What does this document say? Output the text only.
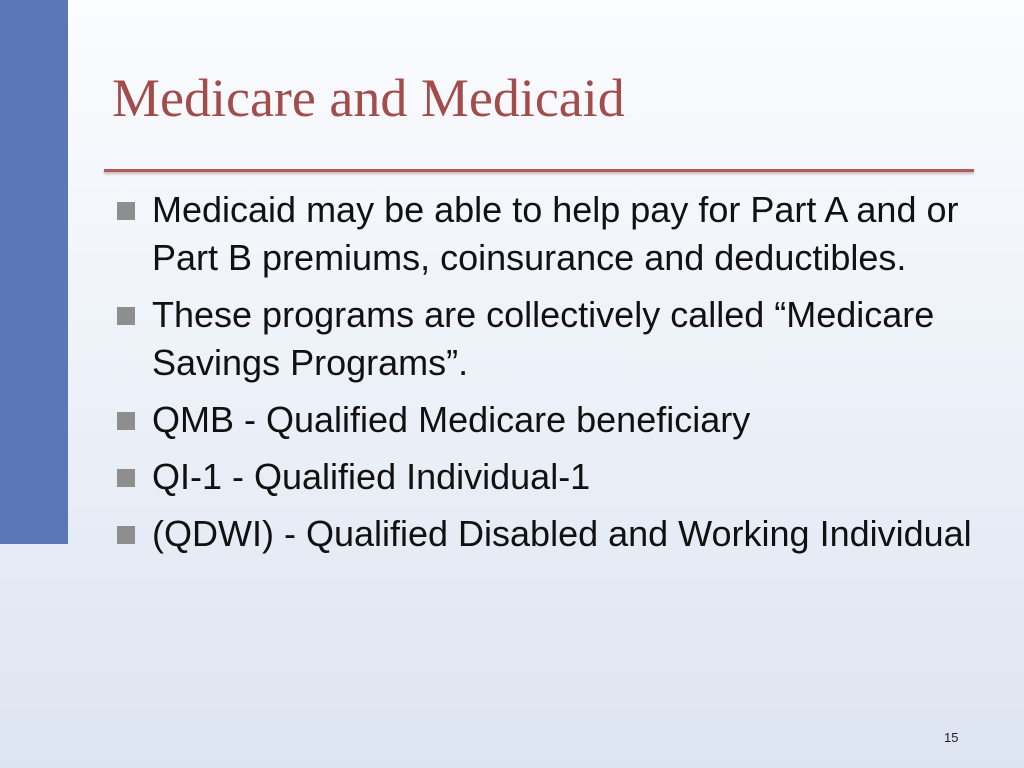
Medicare and Medicaid
Medicaid may be able to help pay for Part A and or Part B premiums, coinsurance and deductibles.
These programs are collectively called “Medicare Savings Programs”.
QMB - Qualified Medicare beneficiary
QI-1 - Qualified Individual-1
(QDWI) - Qualified Disabled and Working Individual
15
